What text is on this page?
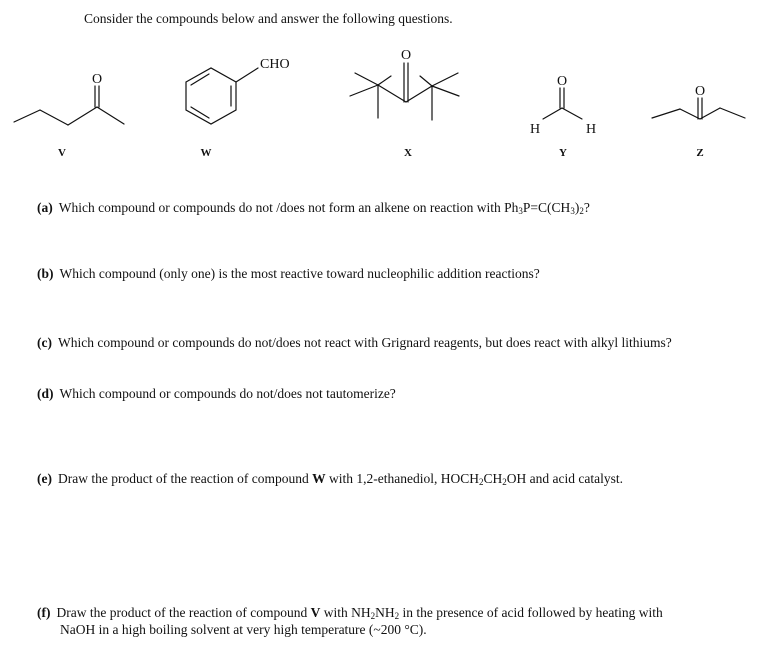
Consider the compounds below and answer the following questions.
O
CHO
O
O
H	H
O
V	W	X	Y	Z
(a) Which compound or compounds do not /does not form an alkene on reaction with $Ph_3P=C(CH_3)_2$?
(b) Which compound (only one) is the most reactive toward nucleophilic addition reactions?
(c) Which compound or compounds do not/does not react with Grignard reagents, but does react with alkyl lithiums?
(d) Which compound or compounds do not/does not tautomerize?
(e) Draw the product of the reaction of compound W with 1,2-ethanediol, $HOCH_2CH_2OH$ and acid catalyst.
(f) Draw the product of the reaction of compound V with $NH_2NH_2$ in the presence of acid followed by heating with
NaOH in a high boiling solvent at very high temperature (~200 °C).
